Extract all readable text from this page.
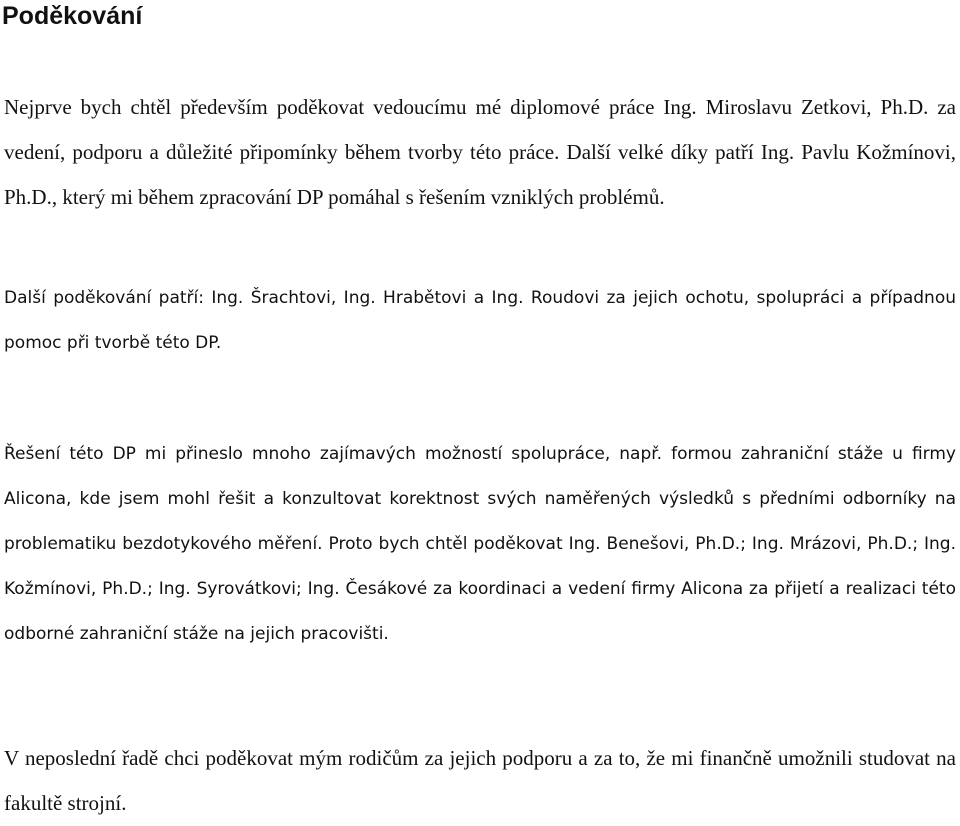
Poděkování

Nejprve bych chtěl především poděkovat vedoucímu mé diplomové práce Ing. Miroslavu Zetkovi, Ph.D. za vedení, podporu a důležité připomínky během tvorby této práce. Další velké díky patří Ing. Pavlu Kožmínovi, Ph.D., který mi během zpracování DP pomáhal s řešením vzniklých problémů.

Další poděkování patří: Ing. Šrachtovi, Ing. Hrabětovi a Ing. Roudovi za jejich ochotu, spolupráci a případnou pomoc při tvorbě této DP.

Řešení této DP mi přineslo mnoho zajímavých možností spolupráce, např. formou zahraniční stáže u firmy Alicona, kde jsem mohl řešit a konzultovat korektnost svých naměřených výsledků s předními odborníky na problematiku bezdotykového měření. Proto bych chtěl poděkovat Ing. Benešovi, Ph.D.; Ing. Mrázovi, Ph.D.; Ing. Kožmínovi, Ph.D.; Ing. Syrovátkovi; Ing. Česákové za koordinaci a vedení firmy Alicona za přijetí a realizaci této odborné zahraniční stáže na jejich pracovišti.

V neposlední řadě chci poděkovat mým rodičům za jejich podporu a za to, že mi finančně umožnili studovat na fakultě strojní.
